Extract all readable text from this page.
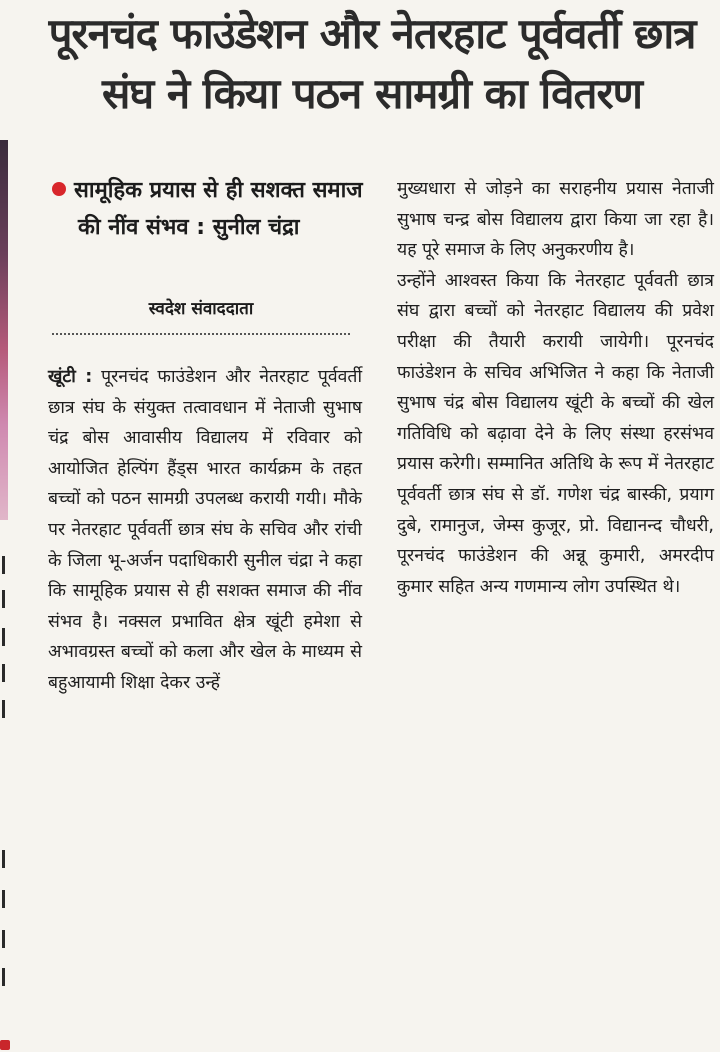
पूरनचंद फाउंडेशन और नेतरहाट पूर्ववर्ती छात्र संघ ने किया पठन सामग्री का वितरण

सामूहिक प्रयास से ही सशक्त समाज की नींव संभव : सुनील चंद्रा

स्वदेश संवाददाता

खूंटी : पूरनचंद फाउंडेशन और नेतरहाट पूर्ववर्ती छात्र संघ के संयुक्त तत्वावधान में नेताजी सुभाष चंद्र बोस आवासीय विद्यालय में रविवार को आयोजित हेल्पिंग हैंड्स भारत कार्यक्रम के तहत बच्चों को पठन सामग्री उपलब्ध करायी गयी। मौके पर नेतरहाट पूर्ववर्ती छात्र संघ के सचिव और रांची के जिला भू-अर्जन पदाधिकारी सुनील चंद्रा ने कहा कि सामूहिक प्रयास से ही सशक्त समाज की नींव संभव है। नक्सल प्रभावित क्षेत्र खूंटी हमेशा से अभावग्रस्त बच्चों को कला और खेल के माध्यम से बहुआयामी शिक्षा देकर उन्हें

मुख्यधारा से जोड़ने का सराहनीय प्रयास नेताजी सुभाष चन्द्र बोस विद्यालय द्वारा किया जा रहा है। यह पूरे समाज के लिए अनुकरणीय है।

उन्होंने आश्वस्त किया कि नेतरहाट पूर्ववती छात्र संघ द्वारा बच्चों को नेतरहाट विद्यालय की प्रवेश परीक्षा की तैयारी करायी जायेगी। पूरनचंद फाउंडेशन के सचिव अभिजित ने कहा कि नेताजी सुभाष चंद्र बोस विद्यालय खूंटी के बच्चों की खेल गतिविधि को बढ़ावा देने के लिए संस्था हरसंभव प्रयास करेगी। सम्मानित अतिथि के रूप में नेतरहाट पूर्ववर्ती छात्र संघ से डॉ. गणेश चंद्र बास्की, प्रयाग दुबे, रामानुज, जेम्स कुजूर, प्रो. विद्यानन्द चौधरी, पूरनचंद फाउंडेशन की अन्नू कुमारी, अमरदीप कुमार सहित अन्य गणमान्य लोग उपस्थित थे।
